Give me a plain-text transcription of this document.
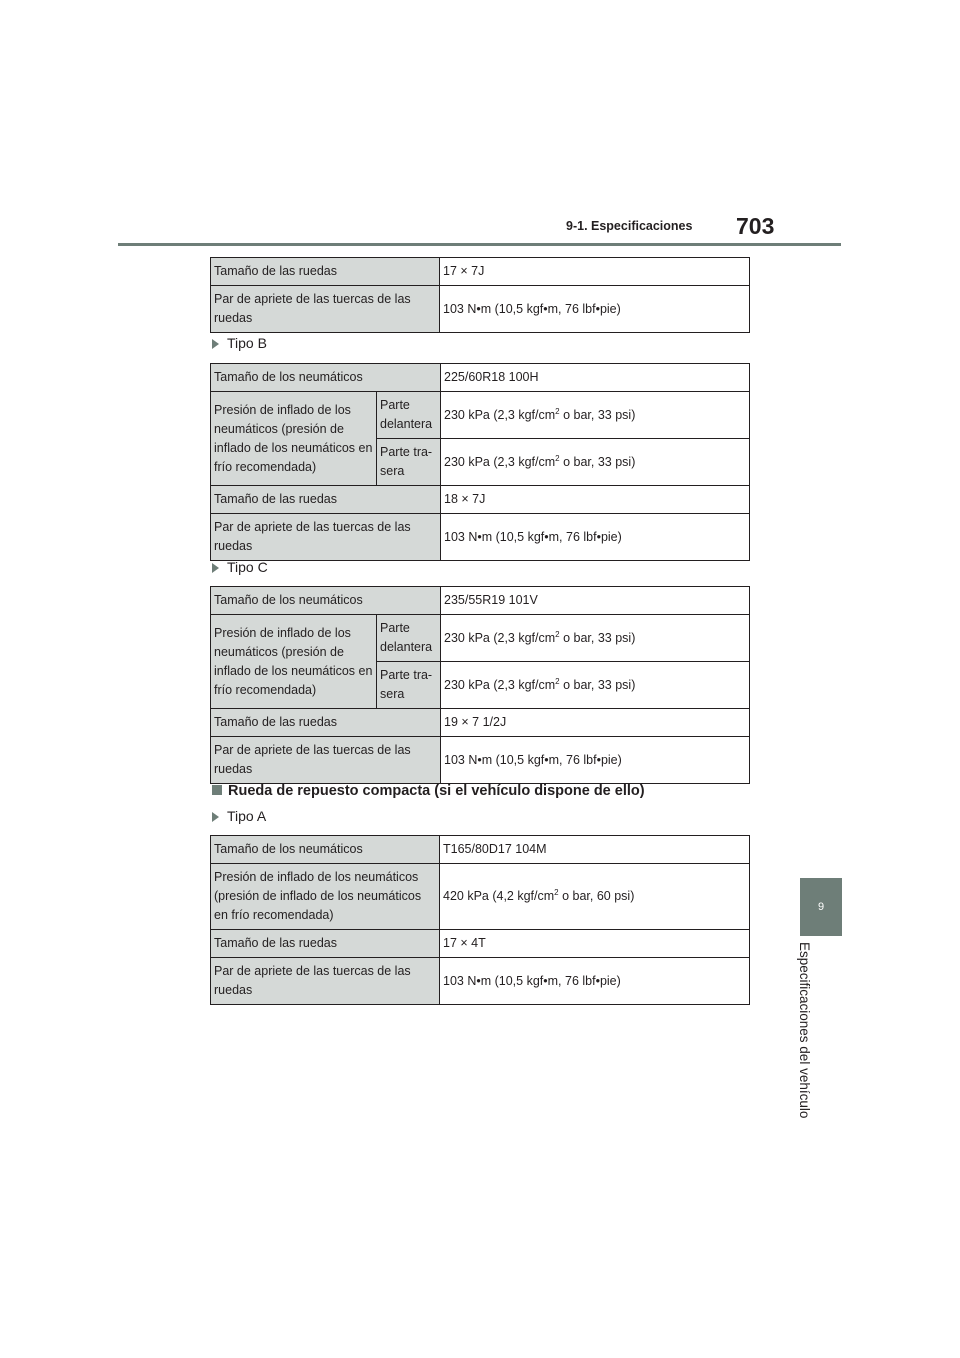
9-1. Especificaciones 703
9
Especificaciones del vehículo
Tamaño de las ruedas	17 × 7J
Par de apriete de las tuercas de las ruedas	103 N•m (10,5 kgf•m, 76 lbf•pie)
Tipo B
Tamaño de los neumáticos		225/60R18 100H
Presión de inflado de los neumáticos (presión de inflado de los neumáticos en frío recomendada)	Parte delantera	230 kPa (2,3 kgf/$cm^2$ o bar, 33 psi)
	Parte tra-sera	230 kPa (2,3 kgf/$cm^2$ o bar, 33 psi)
Tamaño de las ruedas		18 × 7J
Par de apriete de las tuercas de las ruedas		103 N•m (10,5 kgf•m, 76 lbf•pie)
Tipo C
Tamaño de los neumáticos		235/55R19 101V
Presión de inflado de los neumáticos (presión de inflado de los neumáticos en frío recomendada)	Parte delantera	230 kPa (2,3 kgf/$cm^2$ o bar, 33 psi)
	Parte tra-sera	230 kPa (2,3 kgf/$cm^2$ o bar, 33 psi)
Tamaño de las ruedas		19 × 7 1/2J
Par de apriete de las tuercas de las ruedas		103 N•m (10,5 kgf•m, 76 lbf•pie)
Rueda de repuesto compacta (si el vehículo dispone de ello)
Tipo A
Tamaño de los neumáticos	T165/80D17 104M
Presión de inflado de los neumáticos (presión de inflado de los neumáticos en frío recomendada)	420 kPa (4,2 kgf/$cm^2$ o bar, 60 psi)
Tamaño de las ruedas	17 × 4T
Par de apriete de las tuercas de las ruedas	103 N•m (10,5 kgf•m, 76 lbf•pie)
